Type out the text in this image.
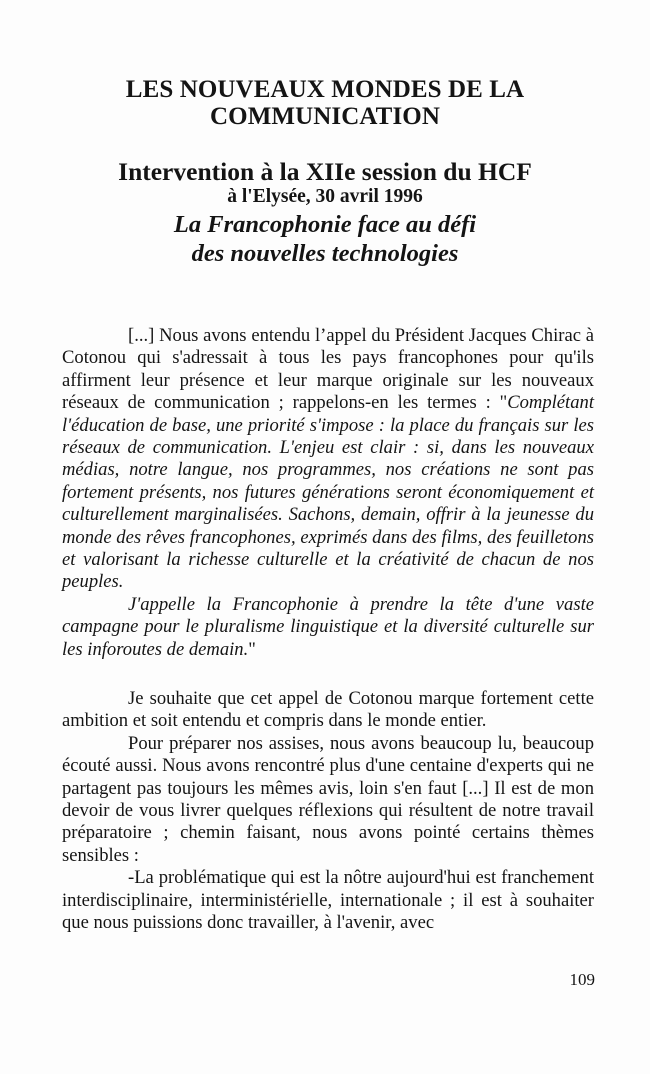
LES NOUVEAUX MONDES DE LA
COMMUNICATION
Intervention à la XIIe session du HCF
à l'Elysée, 30 avril 1996
La Francophonie face au défi
des nouvelles technologies

[...] Nous avons entendu l’appel du Président Jacques Chirac à Cotonou qui s'adressait à tous les pays francophones pour qu'ils affirment leur présence et leur marque originale sur les nouveaux réseaux de communication ; rappelons-en les termes : "Complétant l'éducation de base, une priorité s'impose : la place du français sur les réseaux de communication. L'enjeu est clair : si, dans les nouveaux médias, notre langue, nos programmes, nos créations ne sont pas fortement présents, nos futures générations seront économiquement et culturellement marginalisées. Sachons, demain, offrir à la jeunesse du monde des rêves francophones, exprimés dans des films, des feuilletons et valorisant la richesse culturelle et la créativité de chacun de nos peuples.

J'appelle la Francophonie à prendre la tête d'une vaste campagne pour le pluralisme linguistique et la diversité culturelle sur les inforoutes de demain."

Je souhaite que cet appel de Cotonou marque fortement cette ambition et soit entendu et compris dans le monde entier.

Pour préparer nos assises, nous avons beaucoup lu, beaucoup écouté aussi. Nous avons rencontré plus d'une centaine d'experts qui ne partagent pas toujours les mêmes avis, loin s'en faut [...] Il est de mon devoir de vous livrer quelques réflexions qui résultent de notre travail préparatoire ; chemin faisant, nous avons pointé certains thèmes sensibles :

-La problématique qui est la nôtre aujourd'hui est franchement interdisciplinaire, interministérielle, internationale ; il est à souhaiter que nous puissions donc travailler, à l'avenir, avec

109
